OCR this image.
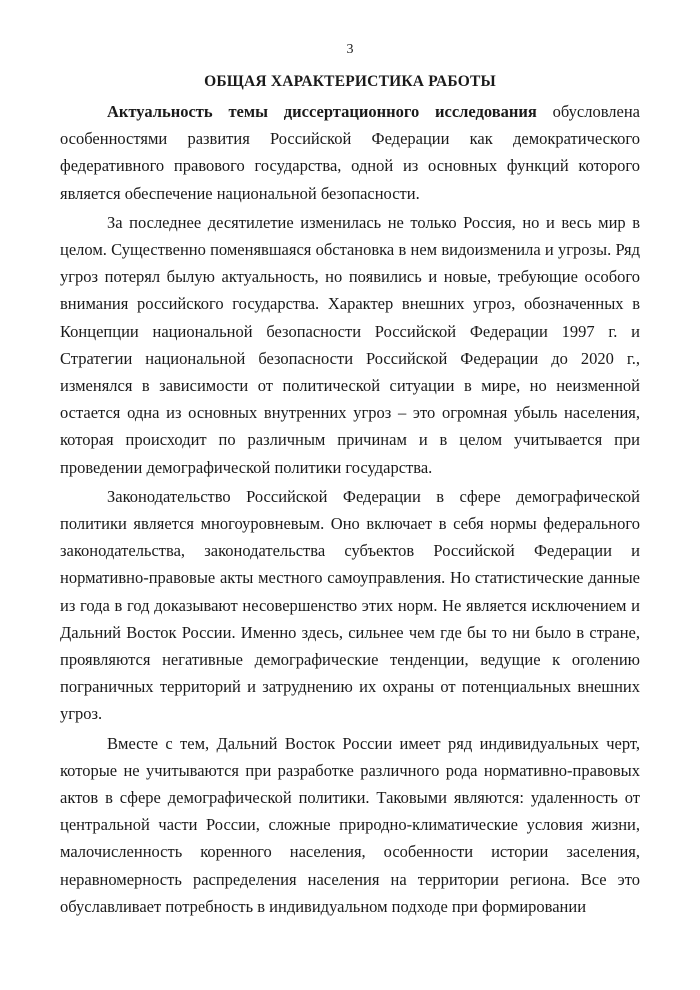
3
ОБЩАЯ ХАРАКТЕРИСТИКА РАБОТЫ

Актуальность темы диссертационного исследования обусловлена особенностями развития Российской Федерации как демократического федеративного правового государства, одной из основных функций которого является обеспечение национальной безопасности.

За последнее десятилетие изменилась не только Россия, но и весь мир в целом. Существенно поменявшаяся обстановка в нем видоизменила и угрозы. Ряд угроз потерял былую актуальность, но появились и новые, требующие особого внимания российского государства. Характер внешних угроз, обозначенных в Концепции национальной безопасности Российской Федерации 1997 г. и Стратегии национальной безопасности Российской Федерации до 2020 г., изменялся в зависимости от политической ситуации в мире, но неизменной остается одна из основных внутренних угроз – это огромная убыль населения, которая происходит по различным причинам и в целом учитывается при проведении демографической политики государства.

Законодательство Российской Федерации в сфере демографической политики является многоуровневым. Оно включает в себя нормы федерального законодательства, законодательства субъектов Российской Федерации и нормативно-правовые акты местного самоуправления. Но статистические данные из года в год доказывают несовершенство этих норм. Не является исключением и Дальний Восток России. Именно здесь, сильнее чем где бы то ни было в стране, проявляются негативные демографические тенденции, ведущие к оголению пограничных территорий и затруднению их охраны от потенциальных внешних угроз.

Вместе с тем, Дальний Восток России имеет ряд индивидуальных черт, которые не учитываются при разработке различного рода нормативно-правовых актов в сфере демографической политики. Таковыми являются: удаленность от центральной части России, сложные природно-климатические условия жизни, малочисленность коренного населения, особенности истории заселения, неравномерность распределения населения на территории региона. Все это обуславливает потребность в индивидуальном подходе при формировании
